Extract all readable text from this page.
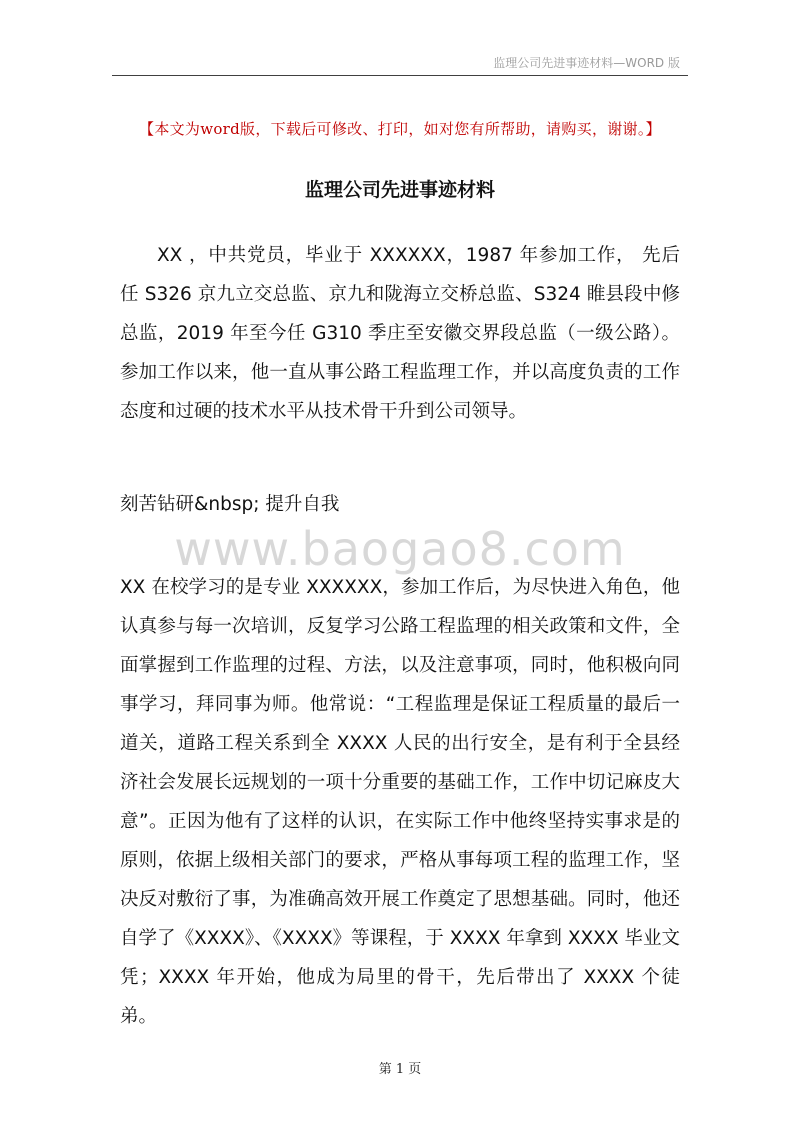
监理公司先进事迹材料—WORD 版
【本文为word版，下载后可修改、打印，如对您有所帮助，请购买，谢谢。】
监理公司先进事迹材料

XX ，中共党员，毕业于 XXXXXX，1987 年参加工作， 先后任 S326 京九立交总监、京九和陇海立交桥总监、S324 睢县段中修总监，2019 年至今任 G310 季庄至安徽交界段总监（一级公路）。参加工作以来，他一直从事公路工程监理工作，并以高度负责的工作态度和过硬的技术水平从技术骨干升到公司领导。

刻苦钻研&nbsp; 提升自我

www.baogao8.com

XX 在校学习的是专业 XXXXXX，参加工作后，为尽快进入角色，他认真参与每一次培训，反复学习公路工程监理的相关政策和文件，全面掌握到工作监理的过程、方法，以及注意事项，同时，他积极向同事学习，拜同事为师。他常说：“工程监理是保证工程质量的最后一道关，道路工程关系到全 XXXX 人民的出行安全，是有利于全县经济社会发展长远规划的一项十分重要的基础工作，工作中切记麻皮大意”。正因为他有了这样的认识，在实际工作中他终坚持实事求是的原则，依据上级相关部门的要求，严格从事每项工程的监理工作，坚决反对敷衍了事，为准确高效开展工作奠定了思想基础。同时，他还自学了《XXXX》、《XXXX》等课程，于 XXXX 年拿到 XXXX 毕业文凭；XXXX 年开始，他成为局里的骨干，先后带出了 XXXX 个徒弟。

第 1 页
